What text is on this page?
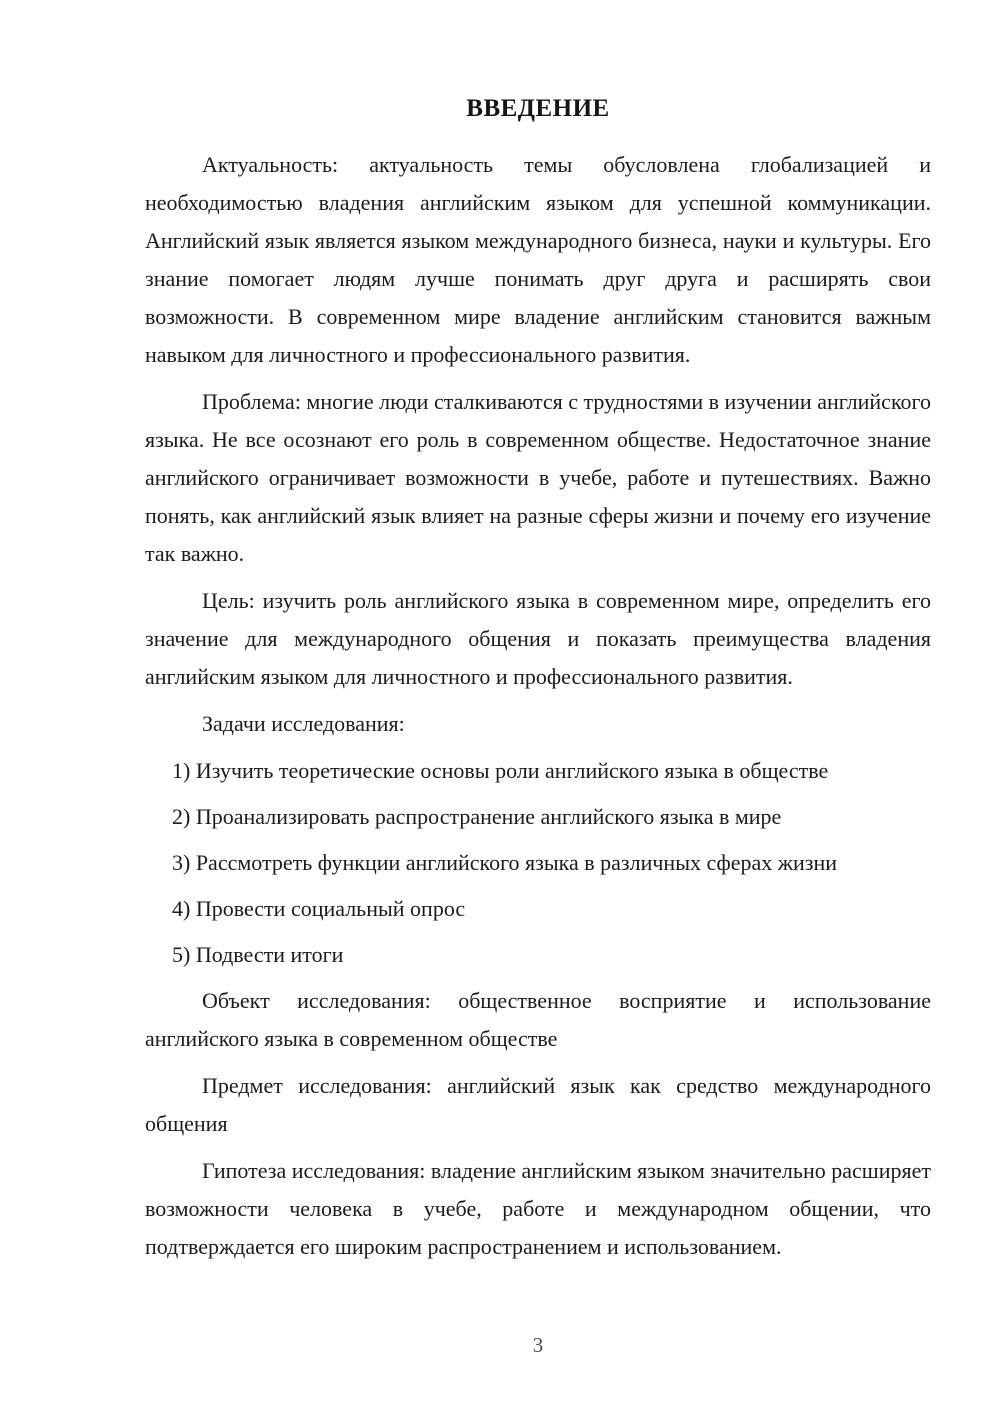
ВВЕДЕНИЕ

Актуальность: актуальность темы обусловлена глобализацией и необходимостью владения английским языком для успешной коммуникации. Английский язык является языком международного бизнеса, науки и культуры. Его знание помогает людям лучше понимать друг друга и расширять свои возможности. В современном мире владение английским становится важным навыком для личностного и профессионального развития.

Проблема: многие люди сталкиваются с трудностями в изучении английского языка. Не все осознают его роль в современном обществе. Недостаточное знание английского ограничивает возможности в учебе, работе и путешествиях. Важно понять, как английский язык влияет на разные сферы жизни и почему его изучение так важно.

Цель: изучить роль английского языка в современном мире, определить его значение для международного общения и показать преимущества владения английским языком для личностного и профессионального развития.

Задачи исследования:

1) Изучить теоретические основы роли английского языка в обществе
2) Проанализировать распространение английского языка в мире
3) Рассмотреть функции английского языка в различных сферах жизни
4) Провести социальный опрос
5) Подвести итоги

Объект исследования: общественное восприятие и использование английского языка в современном обществе

Предмет исследования: английский язык как средство международного общения

Гипотеза исследования: владение английским языком значительно расширяет возможности человека в учебе, работе и международном общении, что подтверждается его широким распространением и использованием.

3
